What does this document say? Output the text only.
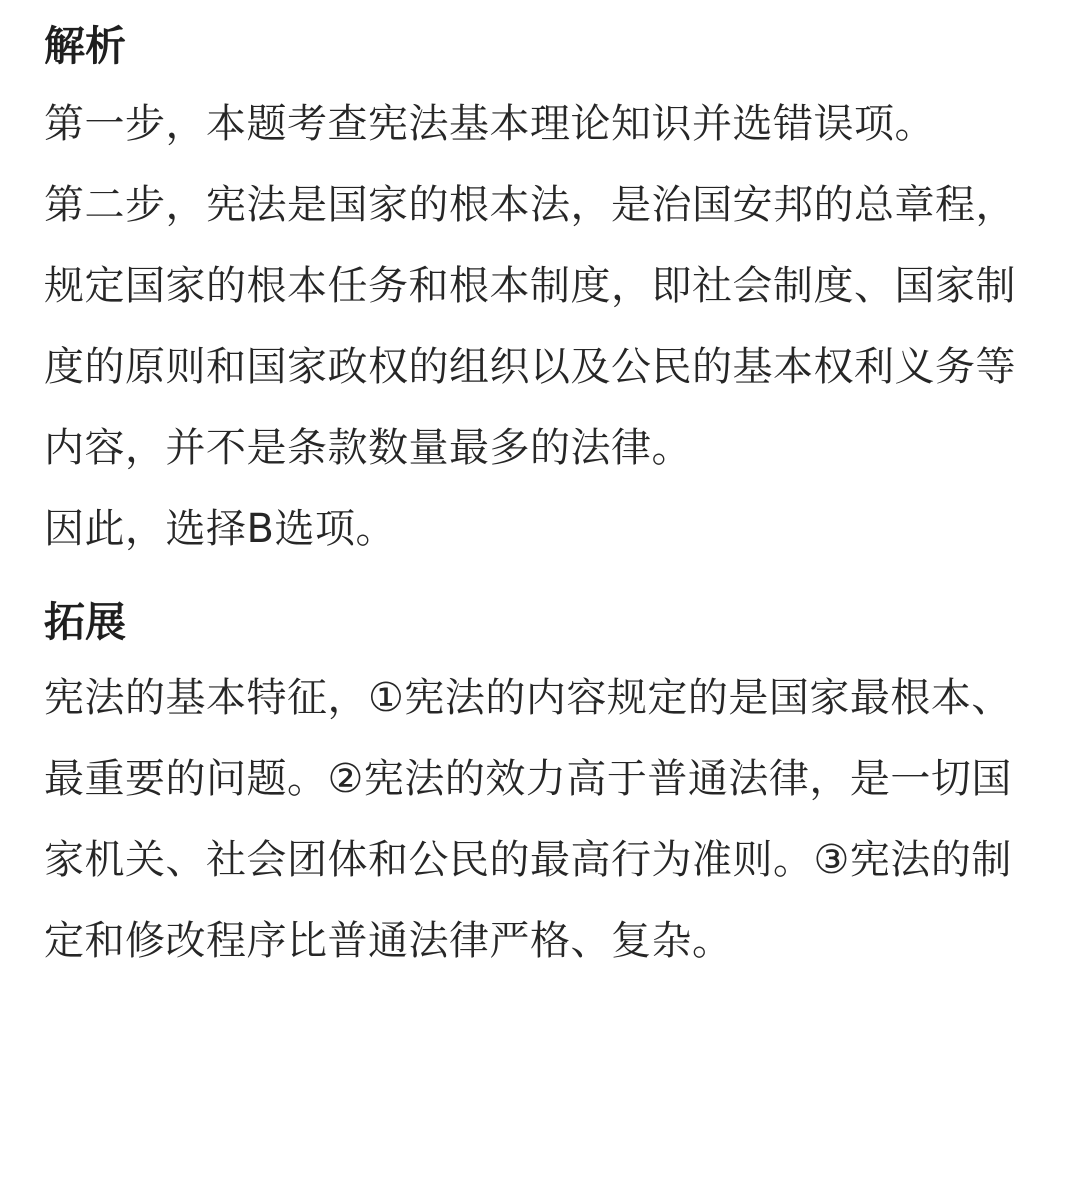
解析

第一步，本题考查宪法基本理论知识并选错误项。

第二步，宪法是国家的根本法，是治国安邦的总章程，规定国家的根本任务和根本制度，即社会制度、国家制度的原则和国家政权的组织以及公民的基本权利义务等内容，并不是条款数量最多的法律。

因此，选择B选项。

拓展

宪法的基本特征，①宪法的内容规定的是国家最根本、最重要的问题。②宪法的效力高于普通法律，是一切国家机关、社会团体和公民的最高行为准则。③宪法的制定和修改程序比普通法律严格、复杂。
